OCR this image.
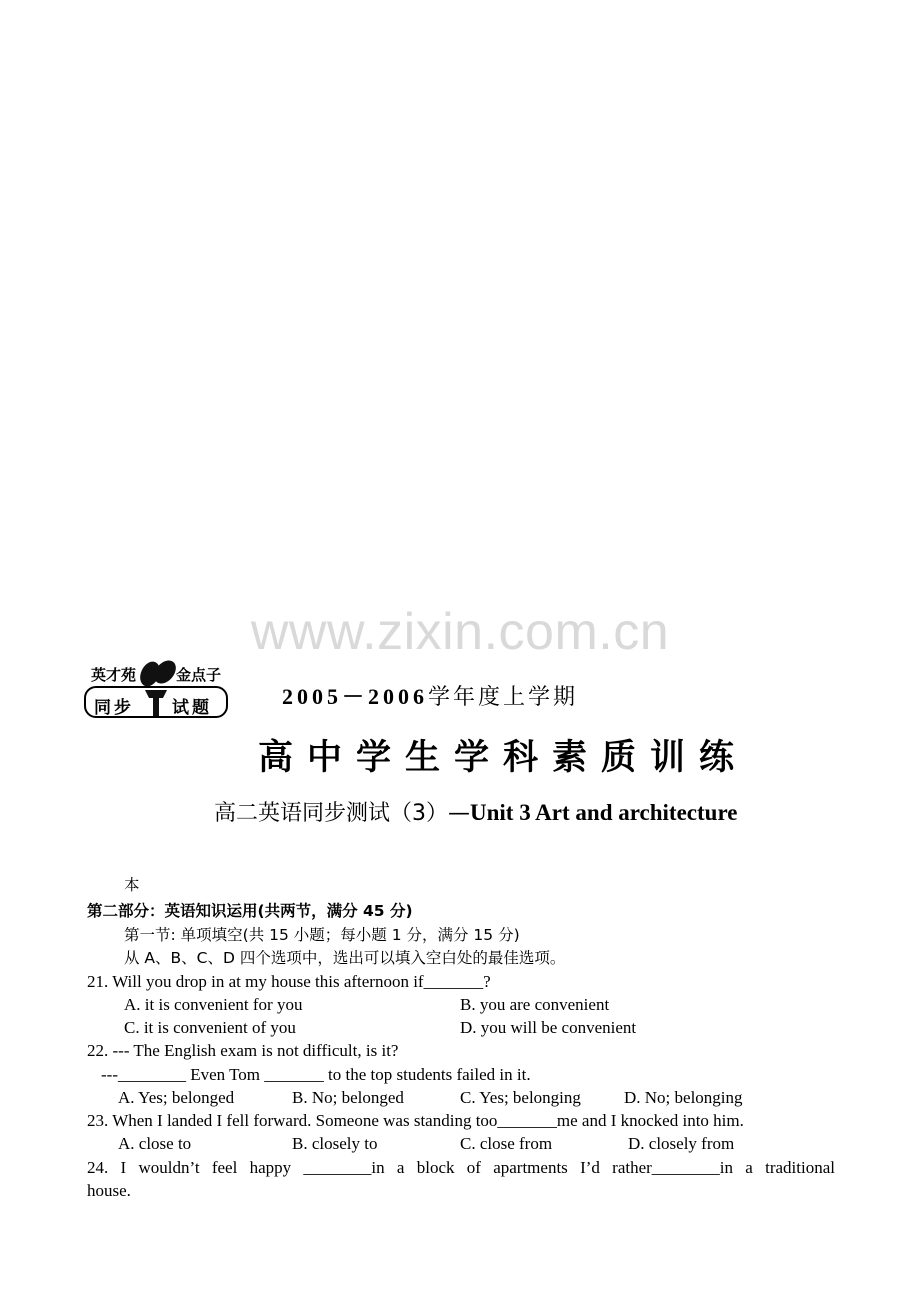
www.zixin.com.cn
英才苑	金点子
同步 试题	2005－2006学年度上学期
高中学生学科素质训练
高二英语同步测试（3）—Unit 3 Art and architecture
本
第二部分：英语知识运用(共两节，满分 45 分)
第一节: 单项填空(共 15 小题；每小题 1 分，满分 15 分)
从 A、B、C、D 四个选项中，选出可以填入空白处的最佳选项。
21. Will you drop in at my house this afternoon if_______?
A. it is convenient for you	B. you are convenient
C. it is convenient of you	D. you will be convenient
22. --- The English exam is not difficult, is it?
---________ Even Tom _______ to the top students failed in it.
A. Yes; belonged	B. No; belonged	C. Yes; belonging	D. No; belonging
23. When I landed I fell forward. Someone was standing too_______me and I knocked into him.
A. close to	B. closely to	C. close from	D. closely from
24. I wouldn’t feel happy ________in a block of apartments I’d rather________in a traditional
house.
